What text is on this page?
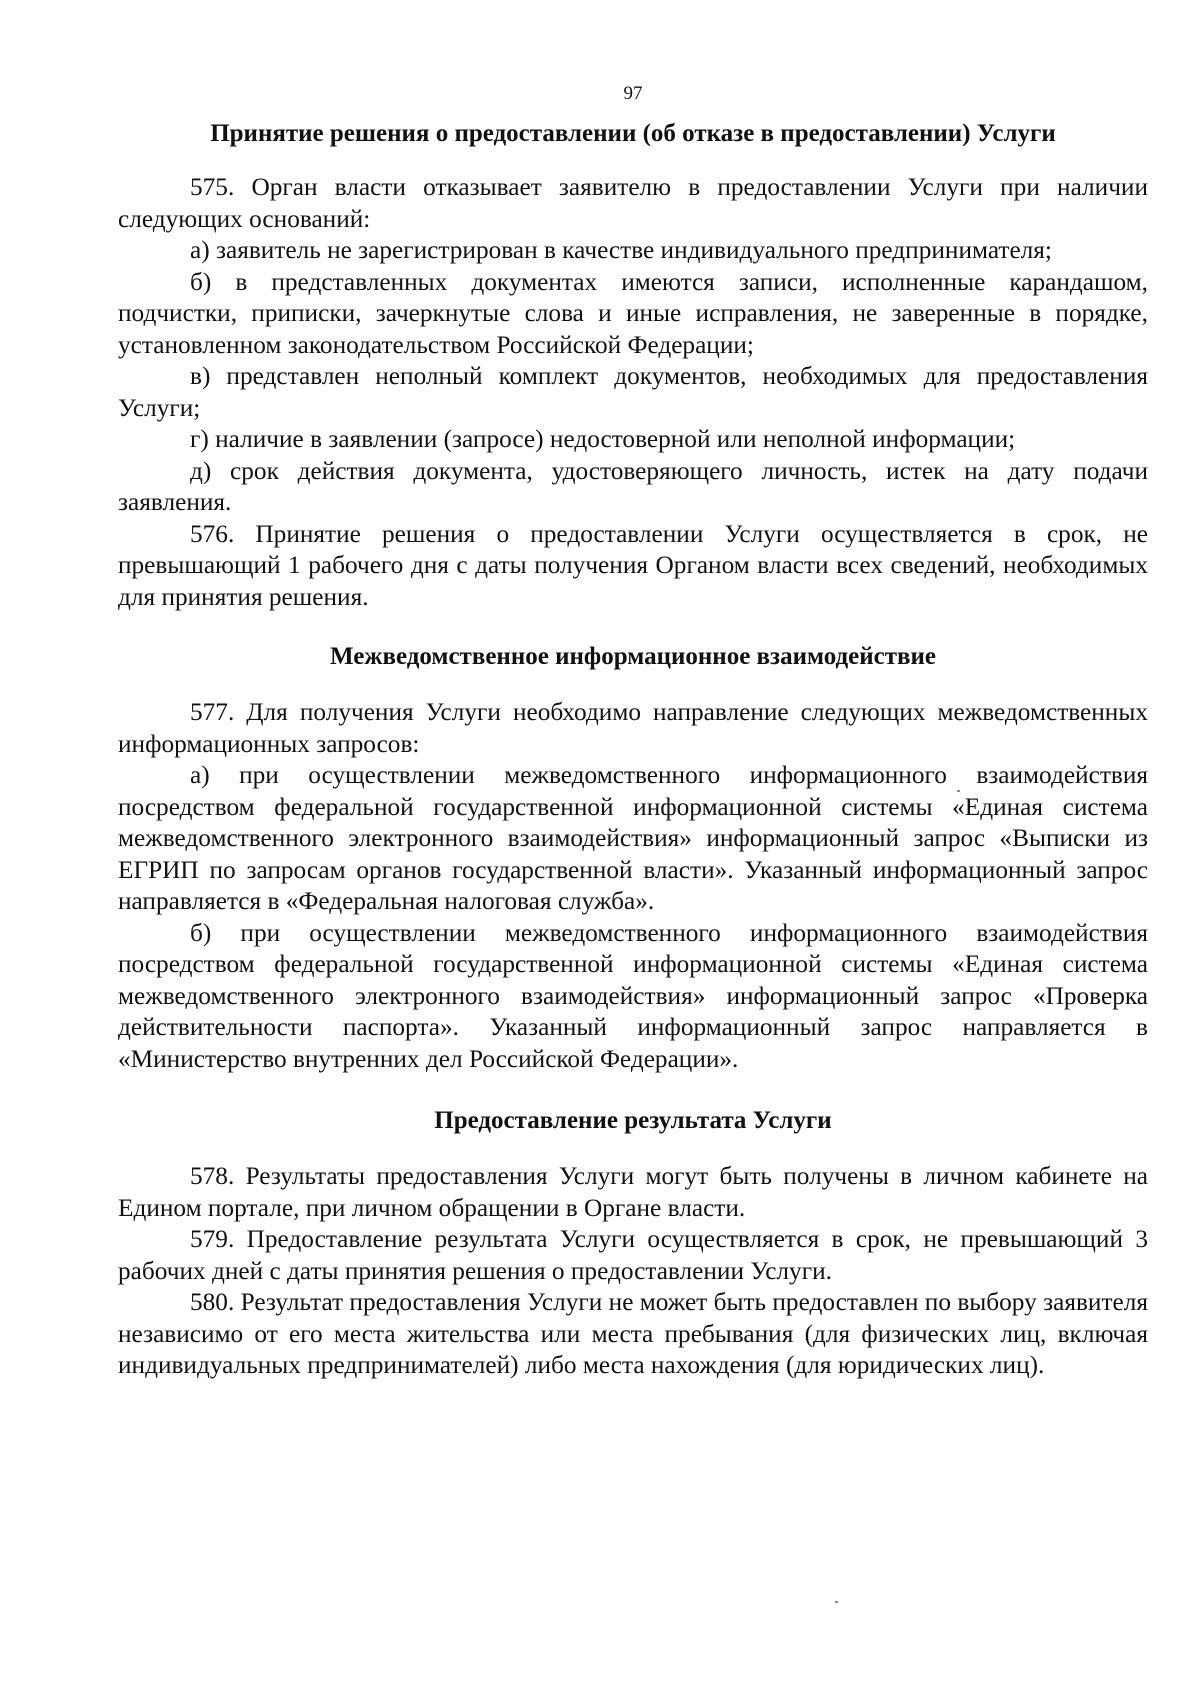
97
Принятие решения о предоставлении (об отказе в предоставлении) Услуги

575. Орган власти отказывает заявителю в предоставлении Услуги при наличии следующих оснований:

а) заявитель не зарегистрирован в качестве индивидуального предпринимателя;

б) в представленных документах имеются записи, исполненные карандашом, подчистки, приписки, зачеркнутые слова и иные исправления, не заверенные в порядке, установленном законодательством Российской Федерации;

в) представлен неполный комплект документов, необходимых для предоставления Услуги;

г) наличие в заявлении (запросе) недостоверной или неполной информации;

д) срок действия документа, удостоверяющего личность, истек на дату подачи заявления.

576. Принятие решения о предоставлении Услуги осуществляется в срок, не превышающий 1 рабочего дня с даты получения Органом власти всех сведений, необходимых для принятия решения.

Межведомственное информационное взаимодействие

577. Для получения Услуги необходимо направление следующих межведомственных информационных запросов:

а) при осуществлении межведомственного информационного взаимодействия посредством федеральной государственной информационной системы «Единая система межведомственного электронного взаимодействия» информационный запрос «Выписки из ЕГРИП по запросам органов государственной власти». Указанный информационный запрос направляется в «Федеральная налоговая служба».

б) при осуществлении межведомственного информационного взаимодействия посредством федеральной государственной информационной системы «Единая система межведомственного электронного взаимодействия» информационный запрос «Проверка действительности паспорта». Указанный информационный запрос направляется в «Министерство внутренних дел Российской Федерации».

Предоставление результата Услуги

578. Результаты предоставления Услуги могут быть получены в личном кабинете на Едином портале, при личном обращении в Органе власти.

579. Предоставление результата Услуги осуществляется в срок, не превышающий 3 рабочих дней с даты принятия решения о предоставлении Услуги.

580. Результат предоставления Услуги не может быть предоставлен по выбору заявителя независимо от его места жительства или места пребывания (для физических лиц, включая индивидуальных предпринимателей) либо места нахождения (для юридических лиц).
